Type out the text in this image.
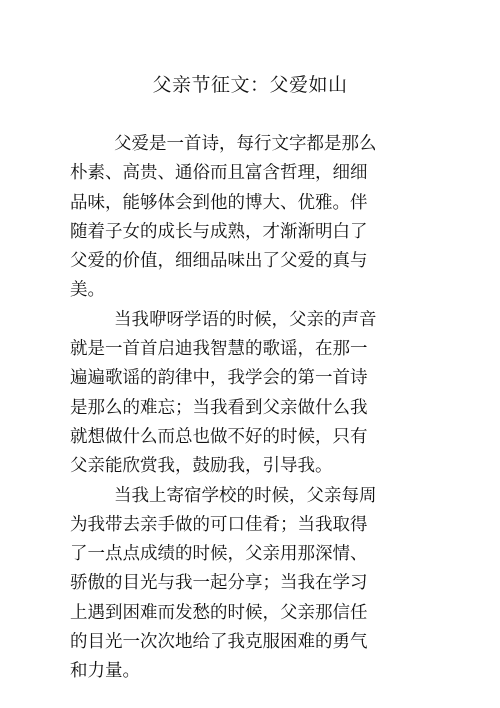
父亲节征文：父爱如山
父爱是一首诗，每行文字都是那么
朴素、高贵、通俗而且富含哲理，细细
品味，能够体会到他的博大、优雅。伴
随着子女的成长与成熟，才渐渐明白了
父爱的价值，细细品味出了父爱的真与
美。
当我咿呀学语的时候，父亲的声音
就是一首首启迪我智慧的歌谣，在那一
遍遍歌谣的韵律中，我学会的第一首诗
是那么的难忘；当我看到父亲做什么我
就想做什么而总也做不好的时候，只有
父亲能欣赏我，鼓励我，引导我。
当我上寄宿学校的时候，父亲每周
为我带去亲手做的可口佳肴；当我取得
了一点点成绩的时候，父亲用那深情、
骄傲的目光与我一起分享；当我在学习
上遇到困难而发愁的时候，父亲那信任
的目光一次次地给了我克服困难的勇气
和力量。
